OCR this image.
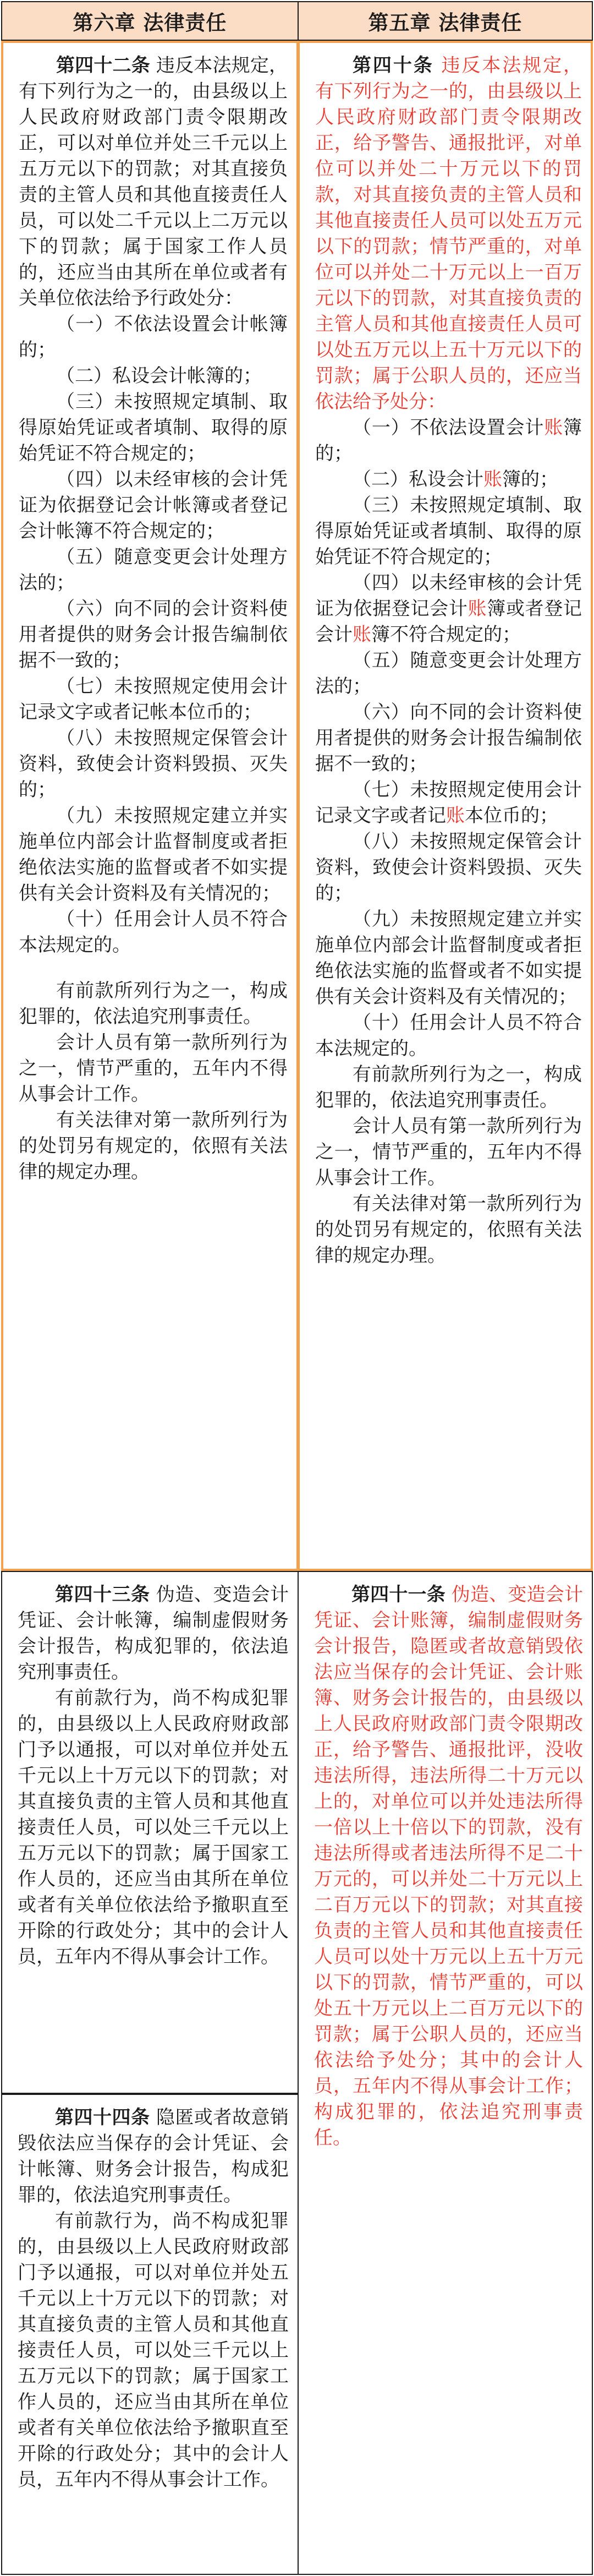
第六章 法律责任	第五章 法律责任

第四十二条 违反本法规定，有下列行为之一的，由县级以上人民政府财政部门责令限期改正，可以对单位并处三千元以上五万元以下的罚款；对其直接负责的主管人员和其他直接责任人员，可以处二千元以上二万元以下的罚款；属于国家工作人员的，还应当由其所在单位或者有关单位依法给予行政处分：

（一）不依法设置会计帐簿的；

（二）私设会计帐簿的；

（三）未按照规定填制、取得原始凭证或者填制、取得的原始凭证不符合规定的；

（四）以未经审核的会计凭证为依据登记会计帐簿或者登记会计帐簿不符合规定的；

（五）随意变更会计处理方法的；

（六）向不同的会计资料使用者提供的财务会计报告编制依据不一致的；

（七）未按照规定使用会计记录文字或者记帐本位币的；

（八）未按照规定保管会计资料，致使会计资料毁损、灭失的；

（九）未按照规定建立并实施单位内部会计监督制度或者拒绝依法实施的监督或者不如实提供有关会计资料及有关情况的；

（十）任用会计人员不符合本法规定的。

有前款所列行为之一，构成犯罪的，依法追究刑事责任。

会计人员有第一款所列行为之一，情节严重的，五年内不得从事会计工作。

有关法律对第一款所列行为的处罚另有规定的，依照有关法律的规定办理。

第四十条 违反本法规定，有下列行为之一的，由县级以上人民政府财政部门责令限期改正，给予警告、通报批评，对单位可以并处二十万元以下的罚款，对其直接负责的主管人员和其他直接责任人员可以处五万元以下的罚款；情节严重的，对单位可以并处二十万元以上一百万元以下的罚款，对其直接负责的主管人员和其他直接责任人员可以处五万元以上五十万元以下的罚款；属于公职人员的，还应当依法给予处分：

（一）不依法设置会计账簿的；

（二）私设会计账簿的；

（三）未按照规定填制、取得原始凭证或者填制、取得的原始凭证不符合规定的；

（四）以未经审核的会计凭证为依据登记会计账簿或者登记会计账簿不符合规定的；

（五）随意变更会计处理方法的；

（六）向不同的会计资料使用者提供的财务会计报告编制依据不一致的；

（七）未按照规定使用会计记录文字或者记账本位币的；

（八）未按照规定保管会计资料，致使会计资料毁损、灭失的；

（九）未按照规定建立并实施单位内部会计监督制度或者拒绝依法实施的监督或者不如实提供有关会计资料及有关情况的；

（十）任用会计人员不符合本法规定的。

有前款所列行为之一，构成犯罪的，依法追究刑事责任。

会计人员有第一款所列行为之一，情节严重的，五年内不得从事会计工作。

有关法律对第一款所列行为的处罚另有规定的，依照有关法律的规定办理。

第四十三条 伪造、变造会计凭证、会计帐簿，编制虚假财务会计报告，构成犯罪的，依法追究刑事责任。

有前款行为，尚不构成犯罪的，由县级以上人民政府财政部门予以通报，可以对单位并处五千元以上十万元以下的罚款；对其直接负责的主管人员和其他直接责任人员，可以处三千元以上五万元以下的罚款；属于国家工作人员的，还应当由其所在单位或者有关单位依法给予撤职直至开除的行政处分；其中的会计人员，五年内不得从事会计工作。

第四十四条 隐匿或者故意销毁依法应当保存的会计凭证、会计帐簿、财务会计报告，构成犯罪的，依法追究刑事责任。

有前款行为，尚不构成犯罪的，由县级以上人民政府财政部门予以通报，可以对单位并处五千元以上十万元以下的罚款；对其直接负责的主管人员和其他直接责任人员，可以处三千元以上五万元以下的罚款；属于国家工作人员的，还应当由其所在单位或者有关单位依法给予撤职直至开除的行政处分；其中的会计人员，五年内不得从事会计工作。

第四十一条 伪造、变造会计凭证、会计账簿，编制虚假财务会计报告，隐匿或者故意销毁依法应当保存的会计凭证、会计账簿、财务会计报告的，由县级以上人民政府财政部门责令限期改正，给予警告、通报批评，没收违法所得，违法所得二十万元以上的，对单位可以并处违法所得一倍以上十倍以下的罚款，没有违法所得或者违法所得不足二十万元的，可以并处二十万元以上二百万元以下的罚款；对其直接负责的主管人员和其他直接责任人员可以处十万元以上五十万元以下的罚款，情节严重的，可以处五十万元以上二百万元以下的罚款；属于公职人员的，还应当依法给予处分；其中的会计人员，五年内不得从事会计工作；构成犯罪的，依法追究刑事责任。
